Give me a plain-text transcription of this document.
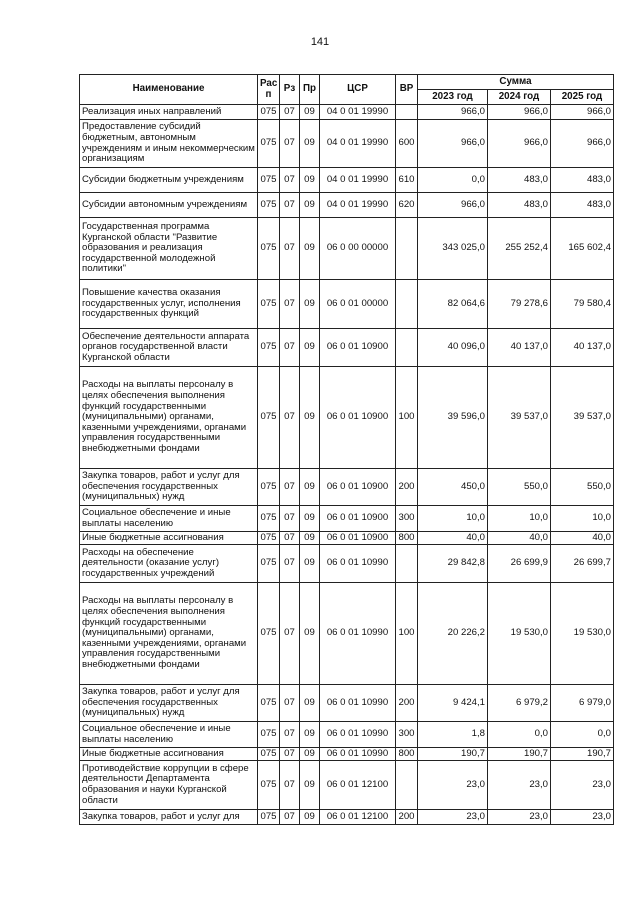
141
Наименование	Рас п	Рз	Пр	ЦСР	ВР	Сумма		
						2023 год	2024 год	2025 год
Реализация иных направлений	075	07	09	04 0 01 19990		966,0	966,0	966,0
Предоставление субсидий бюджетным, автономным учреждениям и иным некоммерческим организациям	075	07	09	04 0 01 19990	600	966,0	966,0	966,0
Субсидии бюджетным учреждениям	075	07	09	04 0 01 19990	610	0,0	483,0	483,0
Субсидии автономным учреждениям	075	07	09	04 0 01 19990	620	966,0	483,0	483,0
Государственная программа Курганской области "Развитие образования и реализация государственной молодежной политики"	075	07	09	06 0 00 00000		343 025,0	255 252,4	165 602,4
Повышение качества оказания государственных услуг, исполнения государственных функций	075	07	09	06 0 01 00000		82 064,6	79 278,6	79 580,4
Обеспечение деятельности аппарата органов государственной власти Курганской области	075	07	09	06 0 01 10900		40 096,0	40 137,0	40 137,0
Расходы на выплаты персоналу в целях обеспечения выполнения функций государственными (муниципальными) органами, казенными учреждениями, органами управления государственными внебюджетными фондами	075	07	09	06 0 01 10900	100	39 596,0	39 537,0	39 537,0
Закупка товаров, работ и услуг для обеспечения государственных (муниципальных) нужд	075	07	09	06 0 01 10900	200	450,0	550,0	550,0
Социальное обеспечение и иные выплаты населению	075	07	09	06 0 01 10900	300	10,0	10,0	10,0
Иные бюджетные ассигнования	075	07	09	06 0 01 10900	800	40,0	40,0	40,0
Расходы на обеспечение деятельности (оказание услуг) государственных учреждений	075	07	09	06 0 01 10990		29 842,8	26 699,9	26 699,7
Расходы на выплаты персоналу в целях обеспечения выполнения функций государственными (муниципальными) органами, казенными учреждениями, органами управления государственными внебюджетными фондами	075	07	09	06 0 01 10990	100	20 226,2	19 530,0	19 530,0
Закупка товаров, работ и услуг для обеспечения государственных (муниципальных) нужд	075	07	09	06 0 01 10990	200	9 424,1	6 979,2	6 979,0
Социальное обеспечение и иные выплаты населению	075	07	09	06 0 01 10990	300	1,8	0,0	0,0
Иные бюджетные ассигнования	075	07	09	06 0 01 10990	800	190,7	190,7	190,7
Противодействие коррупции в сфере деятельности Департамента образования и науки Курганской области	075	07	09	06 0 01 12100		23,0	23,0	23,0
Закупка товаров, работ и услуг для	075	07	09	06 0 01 12100	200	23,0	23,0	23,0
